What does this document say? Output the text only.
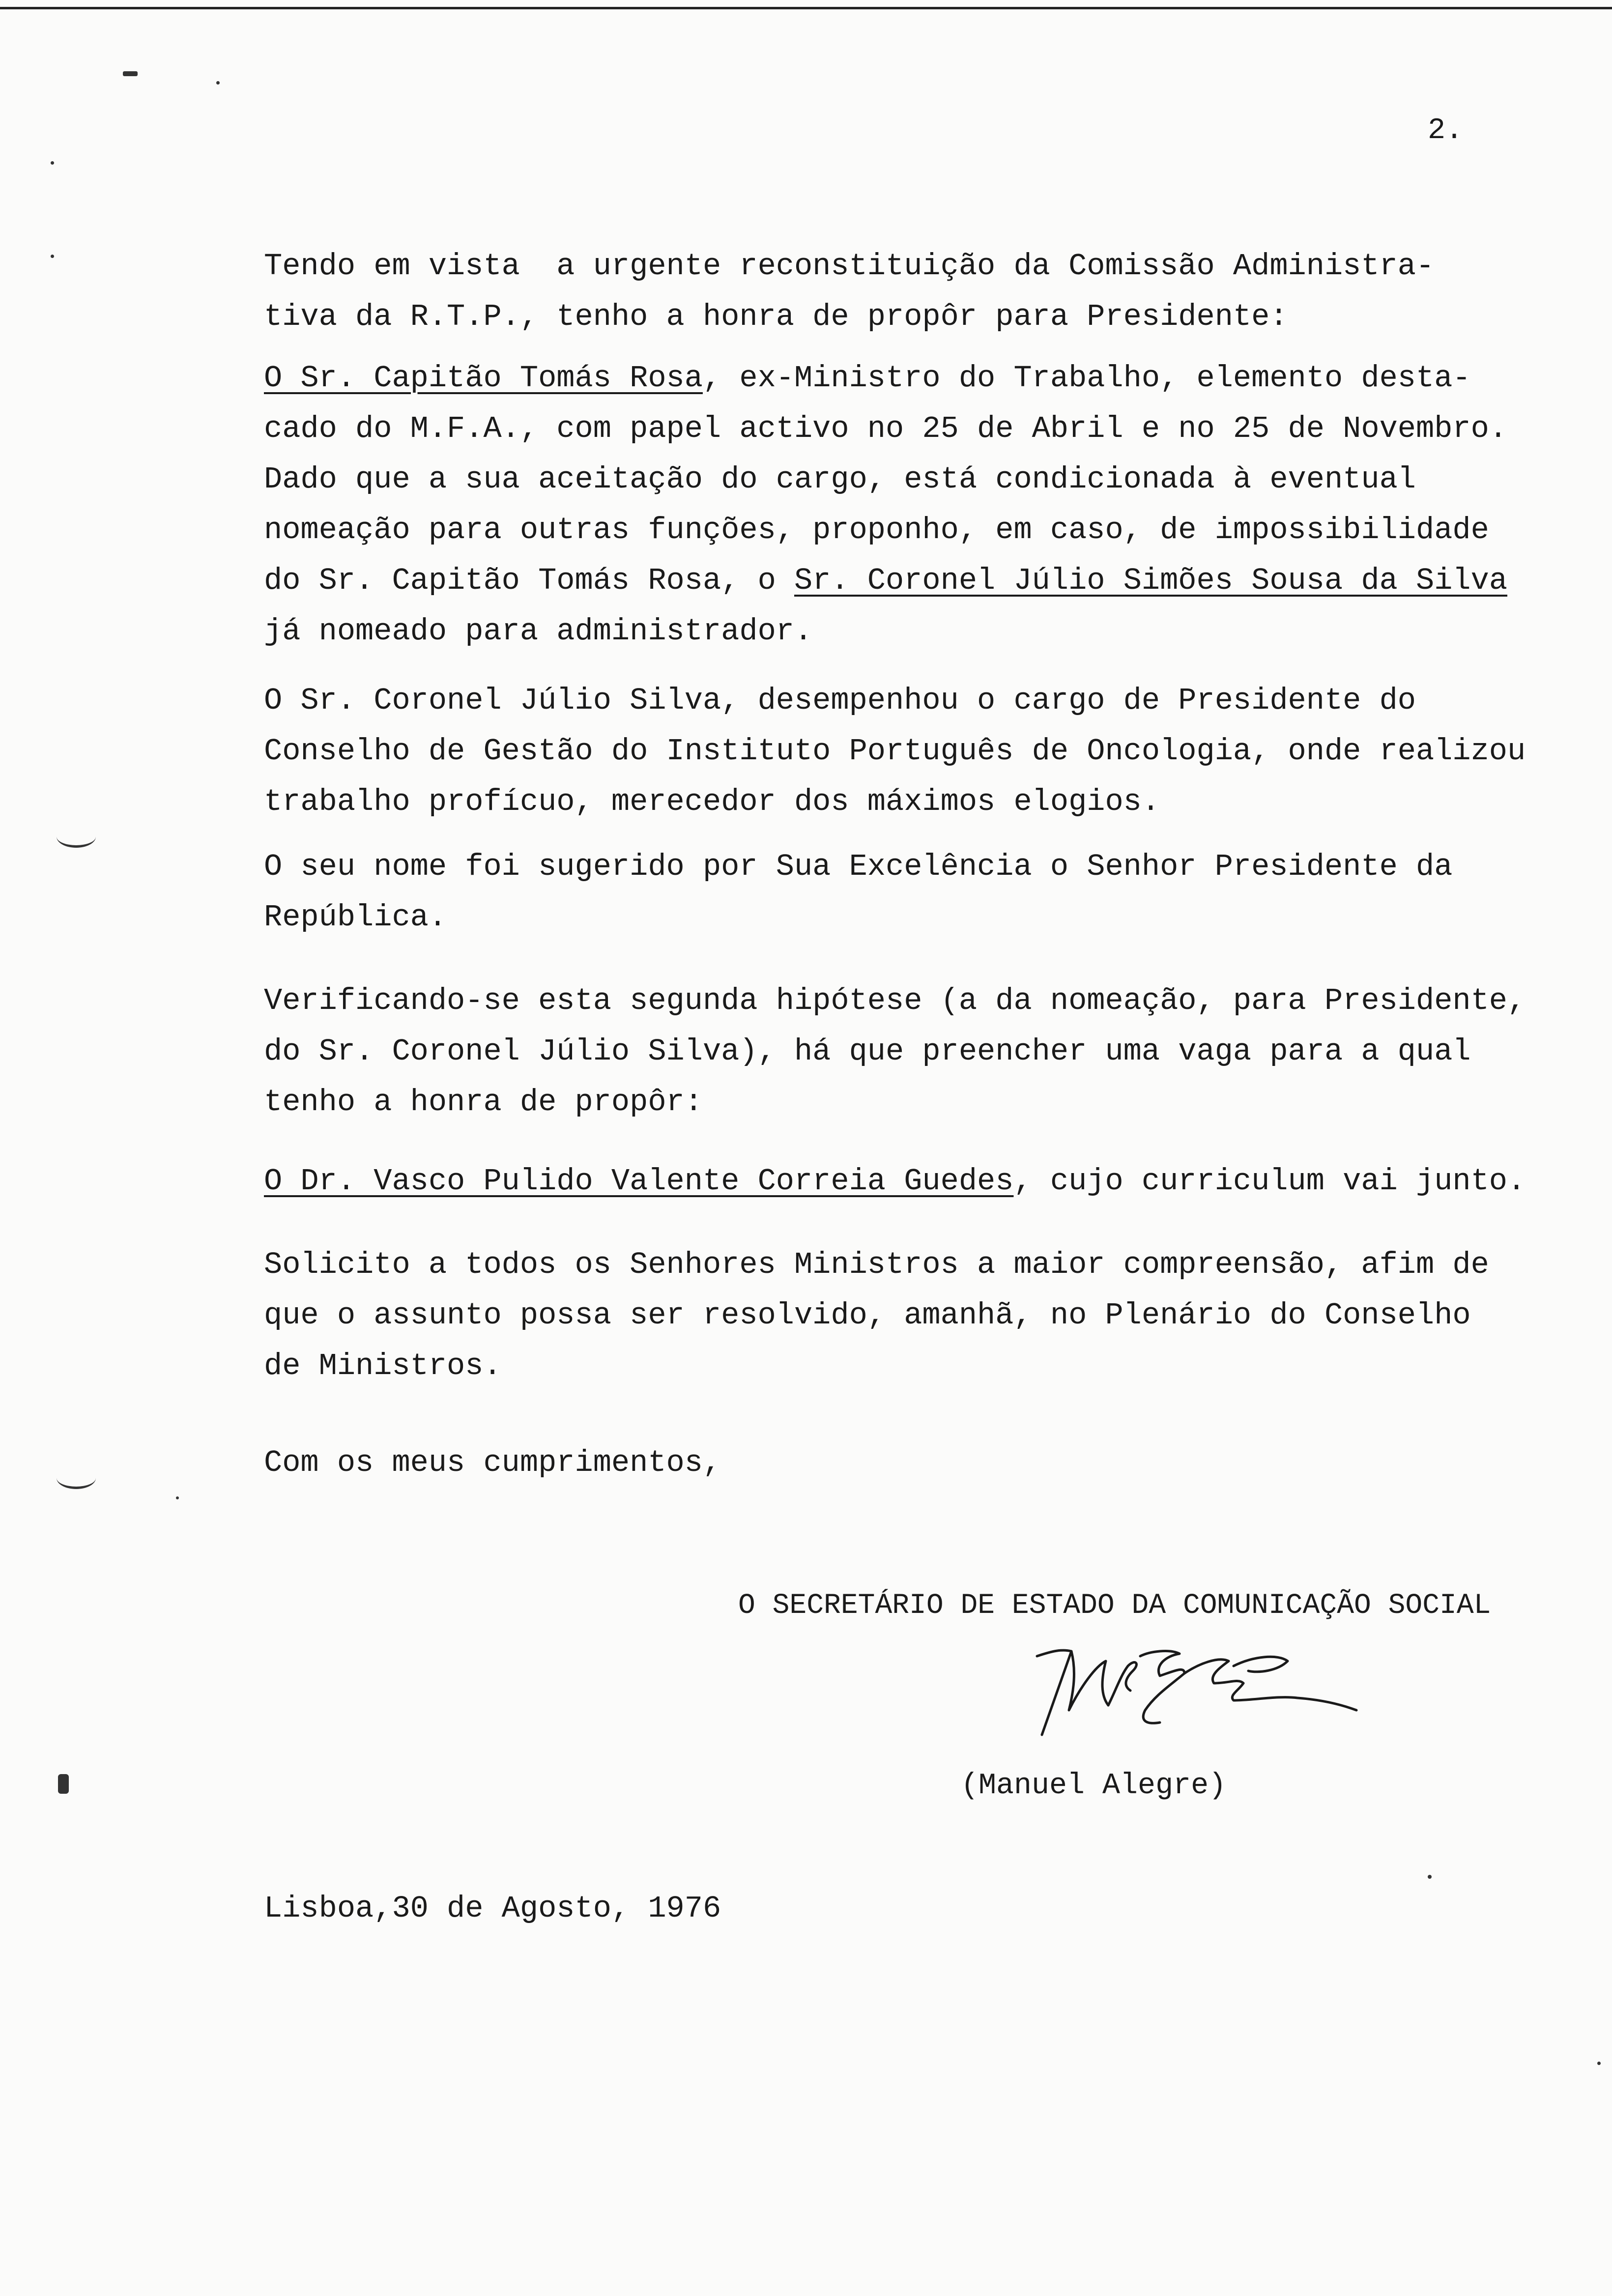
2.

Tendo em vista  a urgente reconstituição da Comissão Administra-
tiva da R.T.P., tenho a honra de propôr para Presidente:

O Sr. Capitão Tomás Rosa, ex-Ministro do Trabalho, elemento desta-
cado do M.F.A., com papel activo no 25 de Abril e no 25 de Novembro.
Dado que a sua aceitação do cargo, está condicionada à eventual
nomeação para outras funções, proponho, em caso, de impossibilidade
do Sr. Capitão Tomás Rosa, o Sr. Coronel Júlio Simões Sousa da Silva
já nomeado para administrador.

O Sr. Coronel Júlio Silva, desempenhou o cargo de Presidente do
Conselho de Gestão do Instituto Português de Oncologia, onde realizou
trabalho profícuo, merecedor dos máximos elogios.

O seu nome foi sugerido por Sua Excelência o Senhor Presidente da
República.

Verificando-se esta segunda hipótese (a da nomeação, para Presidente,
do Sr. Coronel Júlio Silva), há que preencher uma vaga para a qual
tenho a honra de propôr:

O Dr. Vasco Pulido Valente Correia Guedes, cujo curriculum vai junto.

Solicito a todos os Senhores Ministros a maior compreensão, afim de
que o assunto possa ser resolvido, amanhã, no Plenário do Conselho
de Ministros.

Com os meus cumprimentos,

O SECRETÁRIO DE ESTADO DA COMUNICAÇÃO SOCIAL
(Manuel Alegre)
Lisboa,30 de Agosto, 1976
